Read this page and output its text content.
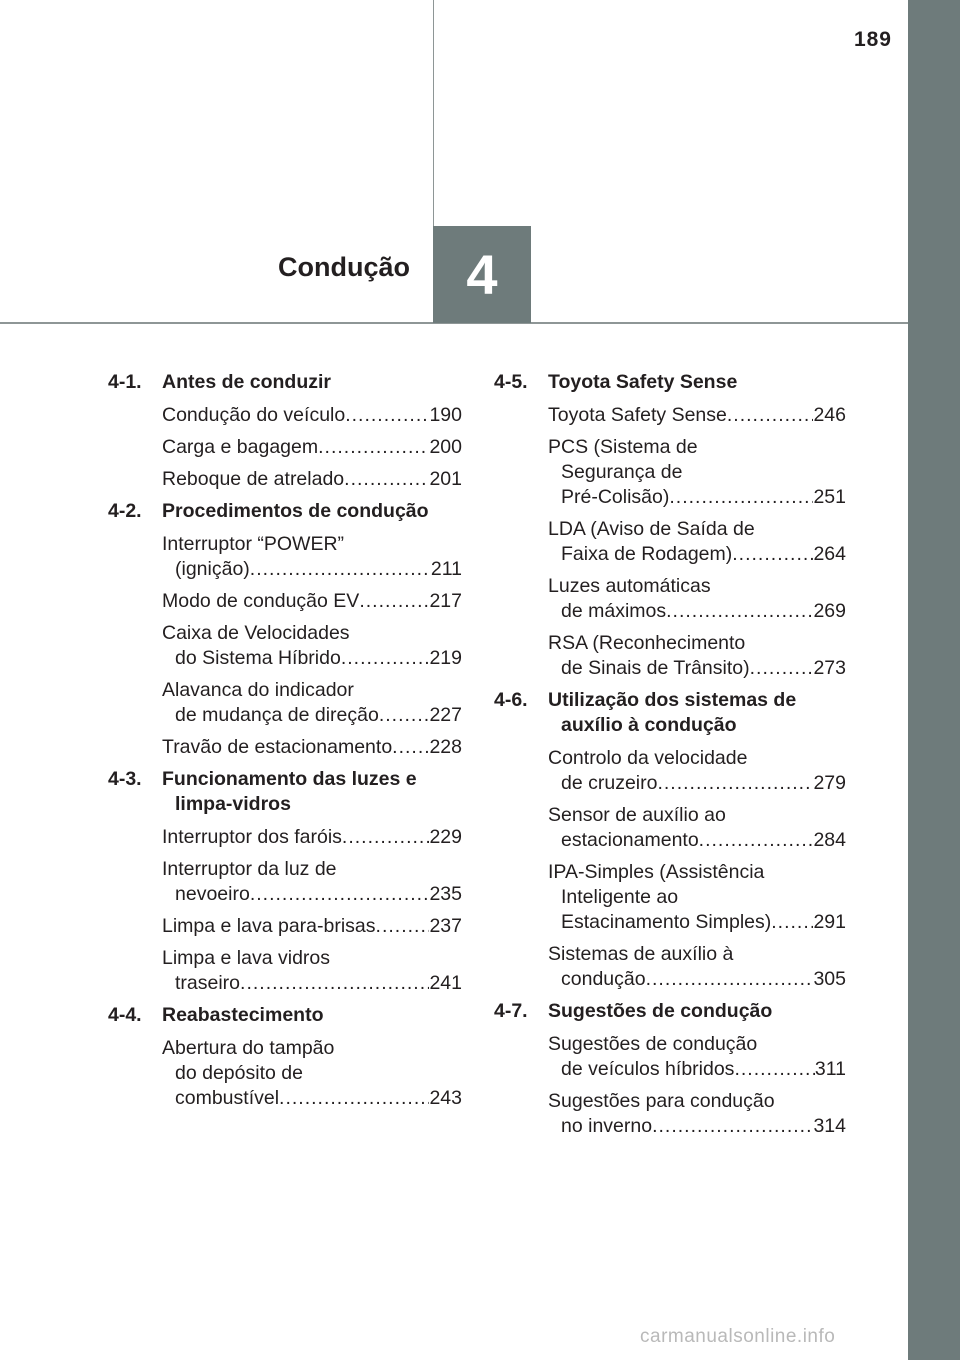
189
Condução 4
4-1. Antes de conduzir
Condução do veículo .....	190
Carga e bagagem .....	200
Reboque de atrelado .....	201
4-2. Procedimentos de condução
Interruptor “POWER”
(ignição) .....	211
Modo de condução EV .....	217
Caixa de Velocidades
do Sistema Híbrido .....	219
Alavanca do indicador
de mudança de direção .....	227
Travão de estacionamento ..... 228
4-3. Funcionamento das luzes e limpa-vidros
Interruptor dos faróis .....	229
Interruptor da luz de
nevoeiro .....	235
Limpa e lava para-brisas .....	237
Limpa e lava vidros
traseiro .....	241
4-4. Reabastecimento
Abertura do tampão
do depósito de
combustível .....	243
4-5. Toyota Safety Sense
Toyota Safety Sense .....	246
PCS (Sistema de
Segurança de
Pré-Colisão) .....	251
LDA (Aviso de Saída de
Faixa de Rodagem) .....	264
Luzes automáticas
de máximos .....	269
RSA (Reconhecimento
de Sinais de Trânsito) .....	273
4-6. Utilização dos sistemas de auxílio à condução
Controlo da velocidade
de cruzeiro .....	279
Sensor de auxílio ao
estacionamento .....	284
IPA-Simples (Assistência
Inteligente ao
Estacinamento Simples) ..... 291
Sistemas de auxílio à
condução .....	305
4-7. Sugestões de condução
Sugestões de condução
de veículos híbridos .....	311
Sugestões para condução
no inverno .....	314
carmanualsonline.info
